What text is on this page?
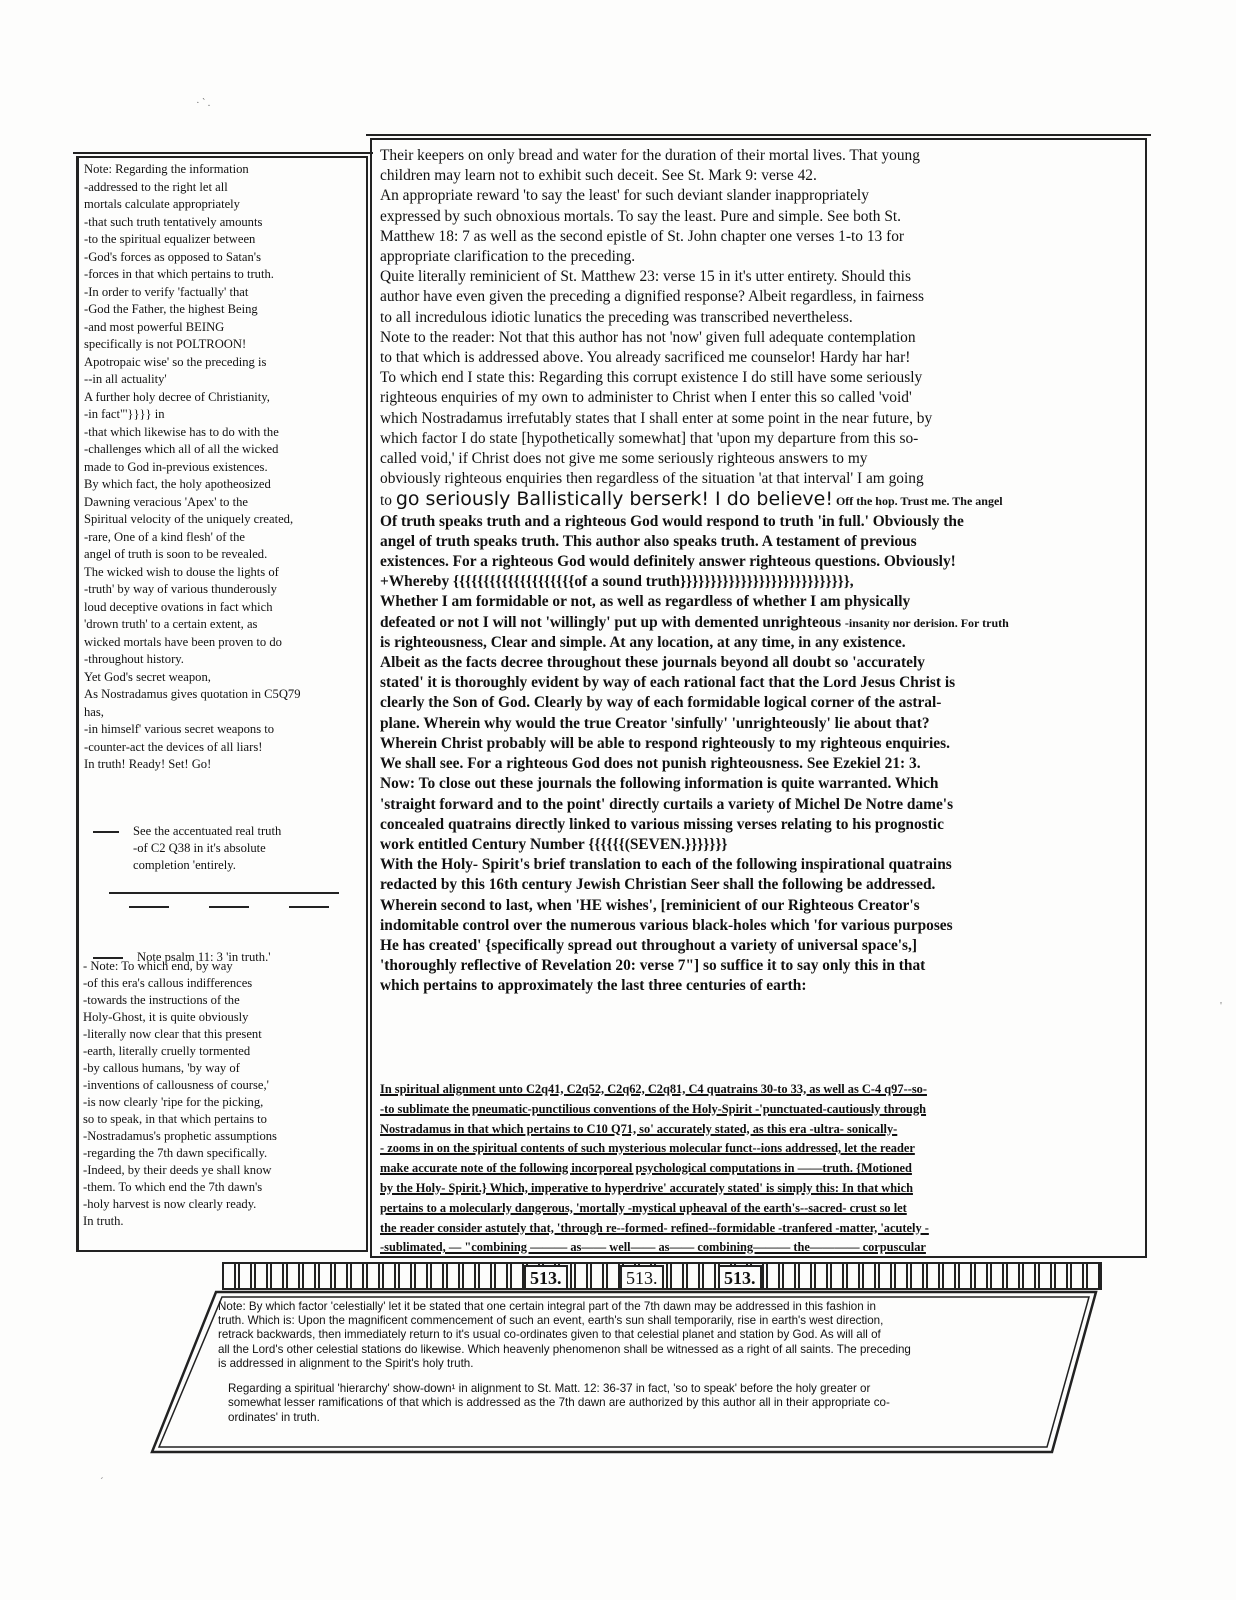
· ‵ .
Note: Regarding the information
-addressed to the right let all
mortals calculate appropriately
-that such truth tentatively amounts
-to the spiritual equalizer between
-God's forces as opposed to Satan's
-forces in that which pertains to truth.
-In order to verify 'factually' that
-God the Father, the highest Being
-and most powerful BEING
specifically is not POLTROON!
Apotropaic wise' so the preceding is
--in all actuality'
A further holy decree of Christianity,
-in fact"'}}}} in
-that which likewise has to do with the
-challenges which all of all the wicked
made to God in-previous existences.
By which fact, the holy apotheosized
Dawning veracious 'Apex' to the
Spiritual velocity of the uniquely created,
-rare, One of a kind flesh' of the
angel of truth is soon to be revealed.
The wicked wish to douse the lights of
-truth' by way of various thunderously
loud deceptive ovations in fact which
'drown truth' to a certain extent, as
wicked mortals have been proven to do
-throughout history.
Yet God's secret weapon,
As Nostradamus gives quotation in C5Q79
has,
-in himself' various secret weapons to
-counter-act the devices of all liars!
In truth! Ready! Set! Go!

See the accentuated real truth
-of C2 Q38 in it's absolute
completion 'entirely.

Note psalm 11: 3 'in truth.'

- Note: To which end, by way
-of this era's callous indifferences
-towards the instructions of the
Holy-Ghost, it is quite obviously
-literally now clear that this present
-earth, literally cruelly tormented
-by callous humans, 'by way of
-inventions of callousness of course,'
-is now clearly 'ripe for the picking,
so to speak, in that which pertains to
-Nostradamus's prophetic assumptions
-regarding the 7th dawn specifically.
-Indeed, by their deeds ye shall know
-them. To which end the 7th dawn's
-holy harvest is now clearly ready.
In truth.
Their keepers on only bread and water for the duration of their mortal lives. That young
children may learn not to exhibit such deceit. See St. Mark 9: verse 42.
An appropriate reward 'to say the least' for such deviant slander inappropriately
expressed by such obnoxious mortals. To say the least. Pure and simple. See both St.
Matthew 18: 7 as well as the second epistle of St. John chapter one verses 1-to 13 for
appropriate clarification to the preceding.
Quite literally reminicient of St. Matthew 23: verse 15 in it's utter entirety. Should this
author have even given the preceding a dignified response? Albeit regardless, in fairness
to all incredulous idiotic lunatics the preceding was transcribed nevertheless.
Note to the reader: Not that this author has not 'now' given full adequate contemplation
to that which is addressed above. You already sacrificed me counselor! Hardy har har!
To which end I state this: Regarding this corrupt existence I do still have some seriously
righteous enquiries of my own to administer to Christ when I enter this so called 'void'
which Nostradamus irrefutably states that I shall enter at some point in the near future, by
which factor I do state [hypothetically somewhat] that 'upon my departure from this so-
called void,' if Christ does not give me some seriously righteous answers to my
obviously righteous enquiries then regardless of the situation 'at that interval' I am going
to go seriously Ballistically berserk! I do believe! Off the hop. Trust me. The angel
Of truth speaks truth and a righteous God would respond to truth 'in full.' Obviously the
angel of truth speaks truth. This author also speaks truth. A testament of previous
existences. For a righteous God would definitely answer righteous questions. Obviously!
+Whereby {{{{{{{{{{{{{{{{{{{{of a sound truth}}}}}}}}}}}}}}}}}}}}}}}}}}}},
Whether I am formidable or not, as well as regardless of whether I am physically
defeated or not I will not 'willingly' put up with demented unrighteous -insanity nor derision. For truth
is righteousness, Clear and simple. At any location, at any time, in any existence.
Albeit as the facts decree throughout these journals beyond all doubt so 'accurately
stated' it is thoroughly evident by way of each rational fact that the Lord Jesus Christ is
clearly the Son of God. Clearly by way of each formidable logical corner of the astral-
plane. Wherein why would the true Creator 'sinfully' 'unrighteously' lie about that?
Wherein Christ probably will be able to respond righteously to my righteous enquiries.
We shall see. For a righteous God does not punish righteousness. See Ezekiel 21: 3.
Now: To close out these journals the following information is quite warranted. Which
'straight forward and to the point' directly curtails a variety of Michel De Notre dame's
concealed quatrains directly linked to various missing verses relating to his prognostic
work entitled Century Number {{{{{{(SEVEN.}}}}}}}
With the Holy- Spirit's brief translation to each of the following inspirational quatrains
redacted by this 16th century Jewish Christian Seer shall the following be addressed.
Wherein second to last, when 'HE wishes', [reminicient of our Righteous Creator's
indomitable control over the numerous various black-holes which 'for various purposes
He has created' {specifically spread out throughout a variety of universal space's,]
'thoroughly reflective of Revelation 20: verse 7"] so suffice it to say only this in that
which pertains to approximately the last three centuries of earth:
In spiritual alignment unto C2q41, C2q52, C2q62, C2q81, C4 quatrains 30-to 33, as well as C-4 q97--so-
-to sublimate the pneumatic-punctilious conventions of the Holy-Spirit -'punctuated-cautiously through
Nostradamus in that which pertains to C10 Q71, so' accurately stated, as this era -ultra- sonically-
- zooms in on the spiritual contents of such mysterious molecular funct--ions addressed, let the reader
make accurate note of the following incorporeal psychological computations in ——truth. {Motioned
by the Holy- Spirit.} Which, imperative to hyperdrive' accurately stated' is simply this: In that which
pertains to a molecularly dangerous, 'mortally -mystical upheaval of the earth's--sacred- crust so let
the reader consider astutely that, 'through re--formed- refined--formidable -tranfered -matter, 'acutely -
-sublimated, — "combining ——— as—— well—— as—— combining——— the———— corpuscular
513.	513.	513.
Note: By which factor 'celestially' let it be stated that one certain integral part of the 7th dawn may be addressed in this fashion in
truth. Which is: Upon the magnificent commencement of such an event, earth's sun shall temporarily, rise in earth's west direction,
retrack backwards, then immediately return to it's usual co-ordinates given to that celestial planet and station by God. As will all of
all the Lord's other celestial stations do likewise. Which heavenly phenomenon shall be witnessed as a right of all saints. The preceding
is addressed in alignment to the Spirit's holy truth.
Regarding a spiritual 'hierarchy' show-down¹ in alignment to St. Matt. 12: 36-37 in fact, 'so to speak' before the holy greater or
somewhat lesser ramifications of that which is addressed as the 7th dawn are authorized by this author all in their appropriate co-
ordinates' in truth.
'
´
